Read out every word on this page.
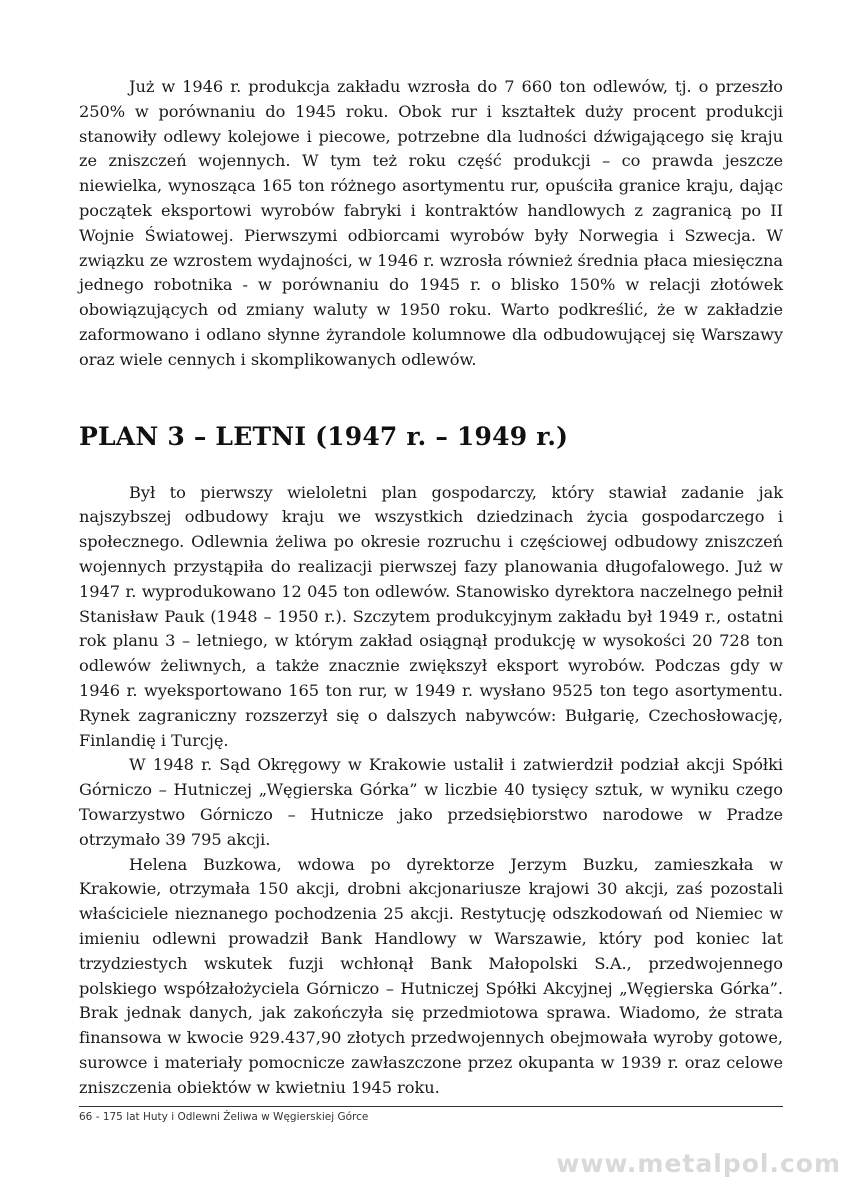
Już w 1946 r. produkcja zakładu wzrosła do 7 660 ton odlewów, tj. o przeszło 250% w porównaniu do 1945 roku. Obok rur i kształtek duży procent produkcji stanowiły odlewy kolejowe i piecowe, potrzebne dla ludności dźwigającego się kraju ze zniszczeń wojennych. W tym też roku część produkcji – co prawda jeszcze niewielka, wynosząca 165 ton różnego asortymentu rur, opuściła granice kraju, dając początek eksportowi wyrobów fabryki i kontraktów handlowych z zagranicą po II Wojnie Światowej. Pierwszymi odbiorcami wyrobów były Norwegia i Szwecja. W związku ze wzrostem wydajności, w 1946 r. wzrosła również średnia płaca miesięczna jednego robotnika - w porównaniu do 1945 r. o blisko 150% w relacji złotówek obowiązujących od zmiany waluty w 1950 roku. Warto podkreślić, że w zakładzie zaformowano i odlano słynne żyrandole kolumnowe dla odbudowującej się Warszawy oraz wiele cennych i skomplikowanych odlewów.

PLAN 3 – LETNI (1947 r. – 1949 r.)

Był to pierwszy wieloletni plan gospodarczy, który stawiał zadanie jak najszybszej odbudowy kraju we wszystkich dziedzinach życia gospodarczego i społecznego. Odlewnia żeliwa po okresie rozruchu i częściowej odbudowy zniszczeń wojennych przystąpiła do realizacji pierwszej fazy planowania długofalowego. Już w 1947 r. wyprodukowano 12 045 ton odlewów. Stanowisko dyrektora naczelnego pełnił Stanisław Pauk (1948 – 1950 r.). Szczytem produkcyjnym zakładu był 1949 r., ostatni rok planu 3 – letniego, w którym zakład osiągnął produkcję w wysokości 20 728 ton odlewów żeliwnych, a także znacznie zwiększył eksport wyrobów. Podczas gdy w 1946 r. wyeksportowano 165 ton rur, w 1949 r. wysłano 9525 ton tego asortymentu. Rynek zagraniczny rozszerzył się o dalszych nabywców: Bułgarię, Czechosłowację, Finlandię i Turcję.

W 1948 r. Sąd Okręgowy w Krakowie ustalił i zatwierdził podział akcji Spółki Górniczo – Hutniczej „Węgierska Górka” w liczbie 40 tysięcy sztuk, w wyniku czego Towarzystwo Górniczo – Hutnicze jako przedsiębiorstwo narodowe w Pradze otrzymało 39 795 akcji.

Helena Buzkowa, wdowa po dyrektorze Jerzym Buzku, zamieszkała w Krakowie, otrzymała 150 akcji, drobni akcjonariusze krajowi 30 akcji, zaś pozostali właściciele nieznanego pochodzenia 25 akcji. Restytucję odszkodowań od Niemiec w imieniu odlewni prowadził Bank Handlowy w Warszawie, który pod koniec lat trzydziestych wskutek fuzji wchłonął Bank Małopolski S.A., przedwojennego polskiego współzałożyciela Górniczo – Hutniczej Spółki Akcyjnej „Węgierska Górka”. Brak jednak danych, jak zakończyła się przedmiotowa sprawa. Wiadomo, że strata finansowa w kwocie 929.437,90 złotych przedwojennych obejmowała wyroby gotowe, surowce i materiały pomocnicze zawłaszczone przez okupanta w 1939 r. oraz celowe zniszczenia obiektów w kwietniu 1945 roku.

66 - 175 lat Huty i Odlewni Żeliwa w Węgierskiej Górce
www.metalpol.com
